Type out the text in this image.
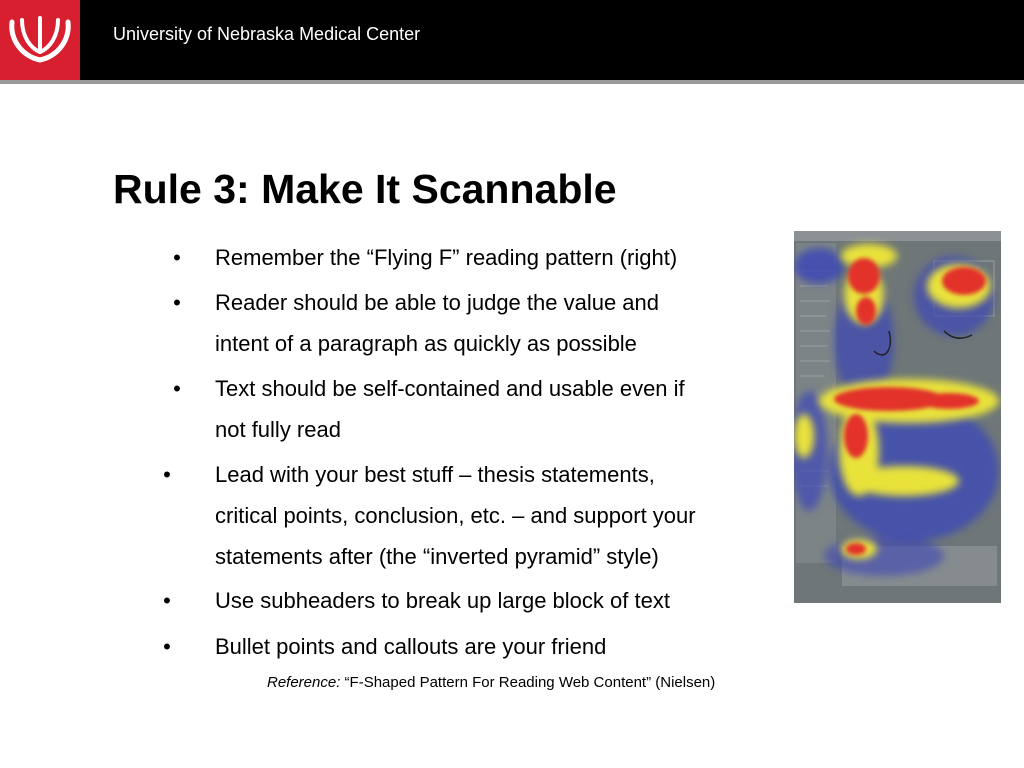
University of Nebraska Medical Center
Rule 3: Make It Scannable
• Remember the “Flying F” reading pattern (right)
• Reader should be able to judge the value and
intent of a paragraph as quickly as possible
• Text should be self-contained and usable even if
not fully read
• Lead with your best stuff – thesis statements,
critical points, conclusion, etc. – and support your
statements after (the “inverted pyramid” style)
• Use subheaders to break up large block of text
• Bullet points and callouts are your friend
Reference: “F-Shaped Pattern For Reading Web Content” (Nielsen)
